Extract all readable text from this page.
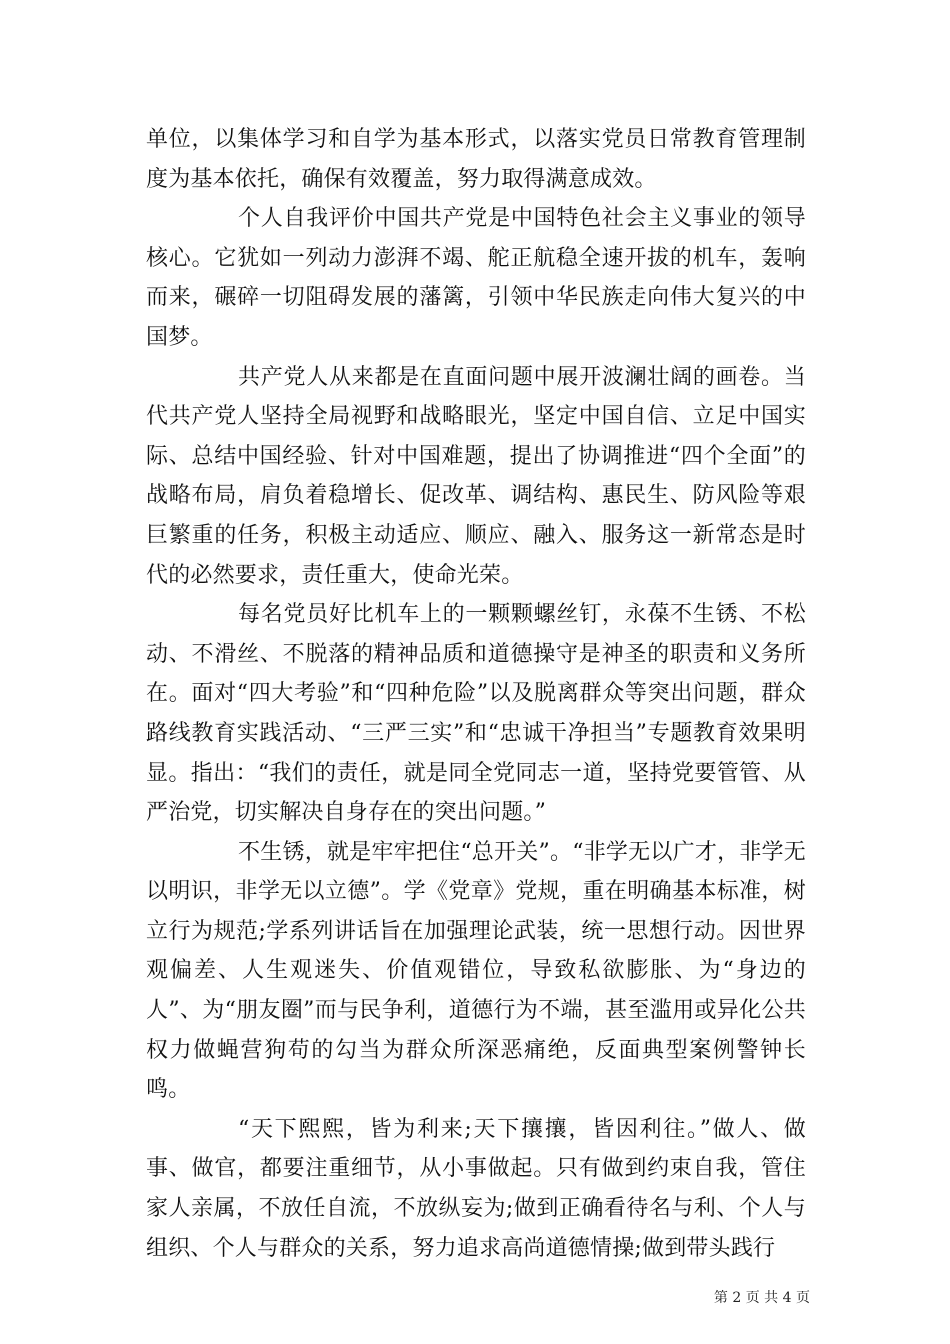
单位，以集体学习和自学为基本形式，以落实党员日常教育管理制度为基本依托，确保有效覆盖，努力取得满意成效。

个人自我评价中国共产党是中国特色社会主义事业的领导核心。它犹如一列动力澎湃不竭、舵正航稳全速开拔的机车，轰响而来，碾碎一切阻碍发展的藩篱，引领中华民族走向伟大复兴的中国梦。

共产党人从来都是在直面问题中展开波澜壮阔的画卷。当代共产党人坚持全局视野和战略眼光，坚定中国自信、立足中国实际、总结中国经验、针对中国难题，提出了协调推进“四个全面”的战略布局，肩负着稳增长、促改革、调结构、惠民生、防风险等艰巨繁重的任务，积极主动适应、顺应、融入、服务这一新常态是时代的必然要求，责任重大，使命光荣。

每名党员好比机车上的一颗颗螺丝钉，永葆不生锈、不松动、不滑丝、不脱落的精神品质和道德操守是神圣的职责和义务所在。面对“四大考验”和“四种危险”以及脱离群众等突出问题，群众路线教育实践活动、“三严三实”和“忠诚干净担当”专题教育效果明显。指出：“我们的责任，就是同全党同志一道，坚持党要管管、从严治党，切实解决自身存在的突出问题。”

不生锈，就是牢牢把住“总开关”。“非学无以广才，非学无以明识，非学无以立德”。学《党章》党规，重在明确基本标准，树立行为规范;学系列讲话旨在加强理论武装，统一思想行动。因世界观偏差、人生观迷失、价值观错位，导致私欲膨胀、为“身边的人”、为“朋友圈”而与民争利，道德行为不端，甚至滥用或异化公共权力做蝇营狗苟的勾当为群众所深恶痛绝，反面典型案例警钟长鸣。

“天下熙熙，皆为利来;天下攘攘，皆因利往。”做人、做事、做官，都要注重细节，从小事做起。只有做到约束自我，管住家人亲属，不放任自流，不放纵妄为;做到正确看待名与利、个人与组织、个人与群众的关系，努力追求高尚道德情操;做到带头践行

第 2 页 共 4 页
